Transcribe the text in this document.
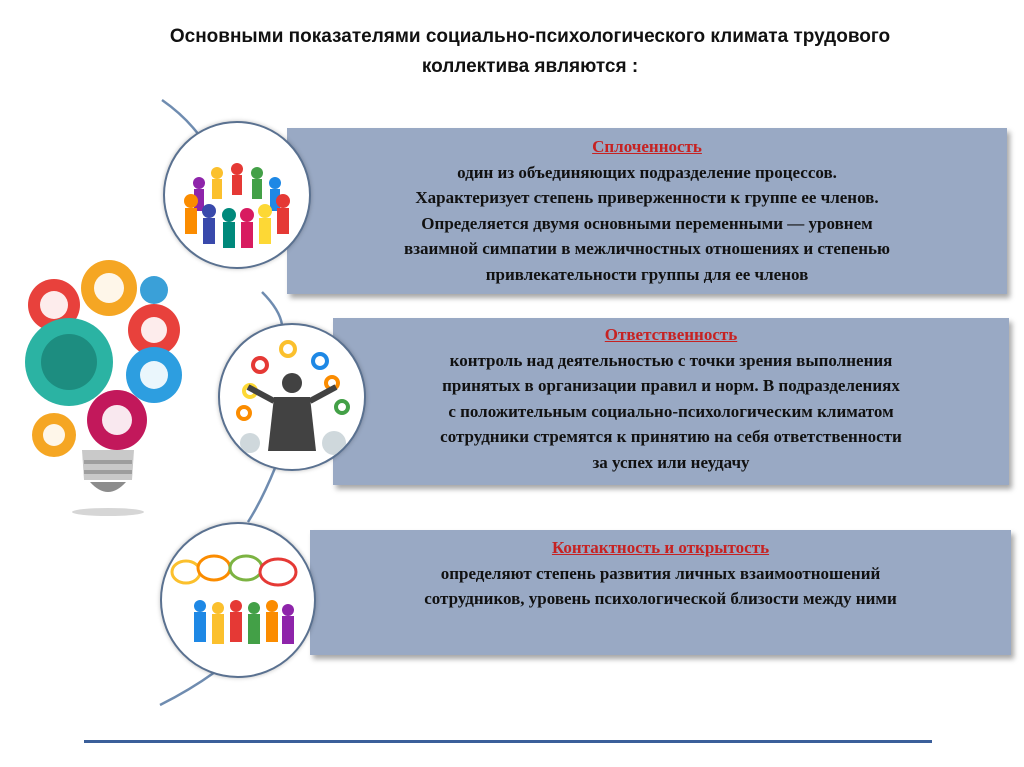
Основными показателями социально-психологического климата трудового
коллектива являются :
Сплоченность
один из объединяющих подразделение процессов.
Характеризует степень приверженности к группе ее членов.
Определяется двумя основными переменными — уровнем
взаимной симпатии в межличностных отношениях и степенью
привлекательности группы для ее членов
Ответственность
контроль над деятельностью с точки зрения выполнения
принятых в организации правил и норм. В подразделениях
с положительным социально-психологическим климатом
сотрудники стремятся к принятию на себя ответственности
за успех или неудачу
Контактность и открытость
определяют степень развития личных взаимоотношений
сотрудников, уровень психологической близости между ними
